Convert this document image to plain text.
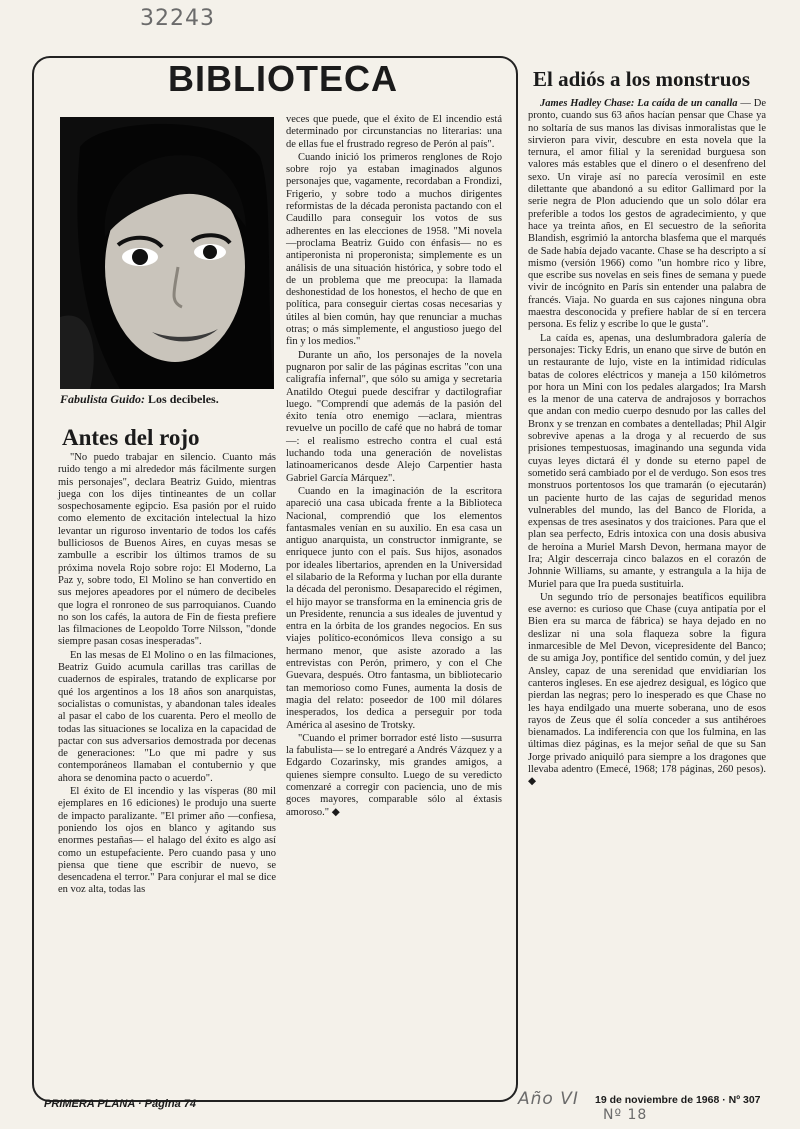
32243
BIBLIOTECA
Fabulista Guido: Los decibeles.
Antes del rojo

"No puedo trabajar en silencio. Cuanto más ruido tengo a mi alrededor más fácilmente surgen mis personajes", declara Beatriz Guido, mientras juega con los dijes tintineantes de un collar sospechosamente egipcio. Esa pasión por el ruido como elemento de excitación intelectual la hizo levantar un riguroso inventario de todos los cafés bulliciosos de Buenos Aires, en cuyas mesas se zambulle a escribir los últimos tramos de su próxima novela Rojo sobre rojo: El Moderno, La Paz y, sobre todo, El Molino se han convertido en sus mejores apeadores por el número de decibeles que logra el ronroneo de sus parroquianos. Cuando no son los cafés, la autora de Fin de fiesta prefiere las filmaciones de Leopoldo Torre Nilsson, "donde siempre pasan cosas inesperadas".

En las mesas de El Molino o en las filmaciones, Beatriz Guido acumula carillas tras carillas de cuadernos de espirales, tratando de explicarse por qué los argentinos a los 18 años son anarquistas, socialistas o comunistas, y abandonan tales ideales al pasar el cabo de los cuarenta. Pero el meollo de todas las situaciones se localiza en la capacidad de pactar con sus adversarios demostrada por decenas de generaciones: "Lo que mi padre y sus contemporáneos llamaban el contubernio y que ahora se denomina pacto o acuerdo".

El éxito de El incendio y las vísperas (80 mil ejemplares en 16 ediciones) le produjo una suerte de impacto paralizante. "El primer año —confiesa, poniendo los ojos en blanco y agitando sus enormes pestañas— el halago del éxito es algo así como un estupefaciente. Pero cuando pasa y uno piensa que tiene que escribir de nuevo, se desencadena el terror." Para conjurar el mal se dice en voz alta, todas las

veces que puede, que el éxito de El incendio está determinado por circunstancias no literarias: una de ellas fue el frustrado regreso de Perón al país".

Cuando inició los primeros renglones de Rojo sobre rojo ya estaban imaginados algunos personajes que, vagamente, recordaban a Frondizi, Frigerio, y sobre todo a muchos dirigentes reformistas de la década peronista pactando con el Caudillo para conseguir los votos de sus adherentes en las elecciones de 1958. "Mi novela —proclama Beatriz Guido con énfasis— no es antiperonista ni properonista; simplemente es un análisis de una situación histórica, y sobre todo el de un problema que me preocupa: la llamada deshonestidad de los honestos, el hecho de que en política, para conseguir ciertas cosas necesarias y útiles al bien común, hay que renunciar a muchas otras; o más simplemente, el angustioso juego del fin y los medios."

Durante un año, los personajes de la novela pugnaron por salir de las páginas escritas "con una caligrafía infernal", que sólo su amiga y secretaria Anatildo Otegui puede descifrar y dactilografiar luego. "Comprendí que además de la pasión del éxito tenía otro enemigo —aclara, mientras revuelve un pocillo de café que no habrá de tomar—: el realismo estrecho contra el cual está luchando toda una generación de novelistas latinoamericanos desde Alejo Carpentier hasta Gabriel García Márquez".

Cuando en la imaginación de la escritora apareció una casa ubicada frente a la Biblioteca Nacional, comprendió que los elementos fantasmales venían en su auxilio. En esa casa un antiguo anarquista, un constructor inmigrante, se enriquece junto con el país. Sus hijos, asonados por ideales libertarios, aprenden en la Universidad el silabario de la Reforma y luchan por ella durante la década del peronismo. Desaparecido el régimen, el hijo mayor se transforma en la eminencia gris de un Presidente, renuncia a sus ideales de juventud y entra en la órbita de los grandes negocios. En sus viajes político-económicos lleva consigo a su hermano menor, que asiste azorado a las entrevistas con Perón, primero, y con el Che Guevara, después. Otro fantasma, un bibliotecario tan memorioso como Funes, aumenta la dosis de magia del relato: poseedor de 100 mil dólares inesperados, los dedica a perseguir por toda América al asesino de Trotsky.

"Cuando el primer borrador esté listo —susurra la fabulista— se lo entregaré a Andrés Vázquez y a Edgardo Cozarinsky, mis grandes amigos, a quienes siempre consulto. Luego de su veredicto comenzaré a corregir con paciencia, uno de mis goces mayores, comparable sólo al éxtasis amoroso." ◆

El adiós a los monstruos

James Hadley Chase: La caída de un canalla — De pronto, cuando sus 63 años hacían pensar que Chase ya no soltaría de sus manos las divisas inmoralistas que le sirvieron para vivir, descubre en esta novela que la ternura, el amor filial y la serenidad burguesa son valores más estables que el dinero o el desenfreno del sexo. Un viraje así no parecía verosímil en este dilettante que abandonó a su editor Gallimard por la serie negra de Plon aduciendo que un solo dólar era preferible a todos los gestos de agradecimiento, y que hace ya treinta años, en El secuestro de la señorita Blandish, esgrimió la antorcha blasfema que el marqués de Sade había dejado vacante. Chase se ha descripto a sí mismo (versión 1966) como "un hombre rico y libre, que escribe sus novelas en seis fines de semana y puede vivir de incógnito en París sin entender una palabra de francés. Viaja. No guarda en sus cajones ninguna obra maestra desconocida y prefiere hablar de sí en tercera persona. Es feliz y escribe lo que le gusta".

La caída es, apenas, una deslumbradora galería de personajes: Ticky Edris, un enano que sirve de butón en un restaurante de lujo, viste en la intimidad ridículas batas de colores eléctricos y maneja a 150 kilómetros por hora un Mini con los pedales alargados; Ira Marsh es la menor de una caterva de andrajosos y borrachos que andan con medio cuerpo desnudo por las calles del Bronx y se trenzan en combates a dentelladas; Phil Algir sobrevive apenas a la droga y al recuerdo de sus prisiones tempestuosas, imaginando una segunda vida cuyas leyes dictará él y donde su eterno papel de sometido será cambiado por el de verdugo. Son esos tres monstruos portentosos los que tramarán (o ejecutarán) un paciente hurto de las cajas de seguridad menos vulnerables del mundo, las del Banco de Florida, a expensas de tres asesinatos y dos traiciones. Para que el plan sea perfecto, Edris intoxica con una dosis abusiva de heroína a Muriel Marsh Devon, hermana mayor de Ira; Algir descerraja cinco balazos en el corazón de Johnnie Williams, su amante, y estrangula a la hija de Muriel para que Ira pueda sustituirla.

Un segundo trío de personajes beatíficos equilibra ese averno: es curioso que Chase (cuya antipatía por el Bien era su marca de fábrica) se haya dejado en no deslizar ni una sola flaqueza sobre la figura inmarcesible de Mel Devon, vicepresidente del Banco; de su amiga Joy, pontífice del sentido común, y del juez Ansley, capaz de una serenidad que envidiarían los canteros ingleses. En ese ajedrez desigual, es lógico que pierdan las negras; pero lo inesperado es que Chase no les haya endilgado una muerte soberana, uno de esos rayos de Zeus que él solía conceder a sus antihéroes bienamados. La indiferencia con que los fulmina, en las últimas diez páginas, es la mejor señal de que su San Jorge privado aniquiló para siempre a los dragones que llevaba adentro (Emecé, 1968; 178 páginas, 260 pesos). ◆

PRIMERA PLANA · Página 74	Año VI 19 de noviembre de 1968 · Nº 307
Nº 18
